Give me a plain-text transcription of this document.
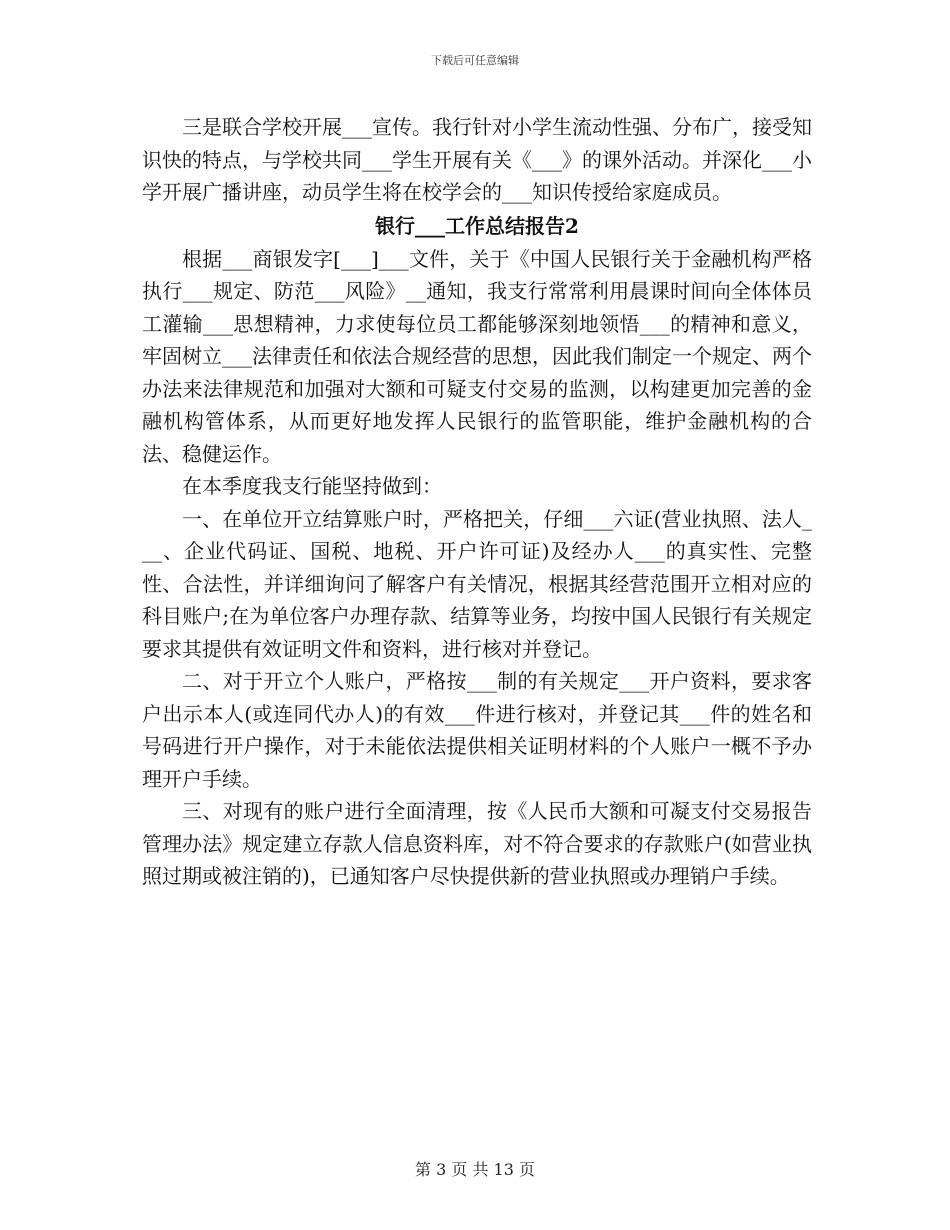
下载后可任意编辑

三是联合学校开展___宣传。我行针对小学生流动性强、分布广，接受知识快的特点，与学校共同___学生开展有关《___》的课外活动。并深化___小学开展广播讲座，动员学生将在校学会的___知识传授给家庭成员。

银行___工作总结报告2

根据___商银发字[___]___文件，关于《中国人民银行关于金融机构严格执行___规定、防范___风险》__通知，我支行常常利用晨课时间向全体体员工灌输___思想精神，力求使每位员工都能够深刻地领悟___的精神和意义，牢固树立___法律责任和依法合规经营的思想，因此我们制定一个规定、两个办法来法律规范和加强对大额和可疑支付交易的监测，以构建更加完善的金融机构管体系，从而更好地发挥人民银行的监管职能，维护金融机构的合法、稳健运作。

在本季度我支行能坚持做到：

一、在单位开立结算账户时，严格把关，仔细___六证(营业执照、法人___、企业代码证、国税、地税、开户许可证)及经办人___的真实性、完整性、合法性，并详细询问了解客户有关情况，根据其经营范围开立相对应的科目账户;在为单位客户办理存款、结算等业务，均按中国人民银行有关规定要求其提供有效证明文件和资料，进行核对并登记。

二、对于开立个人账户，严格按___制的有关规定___开户资料，要求客户出示本人(或连同代办人)的有效___件进行核对，并登记其___件的姓名和号码进行开户操作，对于未能依法提供相关证明材料的个人账户一概不予办理开户手续。

三、对现有的账户进行全面清理，按《人民币大额和可凝支付交易报告管理办法》规定建立存款人信息资料库，对不符合要求的存款账户(如营业执照过期或被注销的)，已通知客户尽快提供新的营业执照或办理销户手续。

第 3 页 共 13 页
